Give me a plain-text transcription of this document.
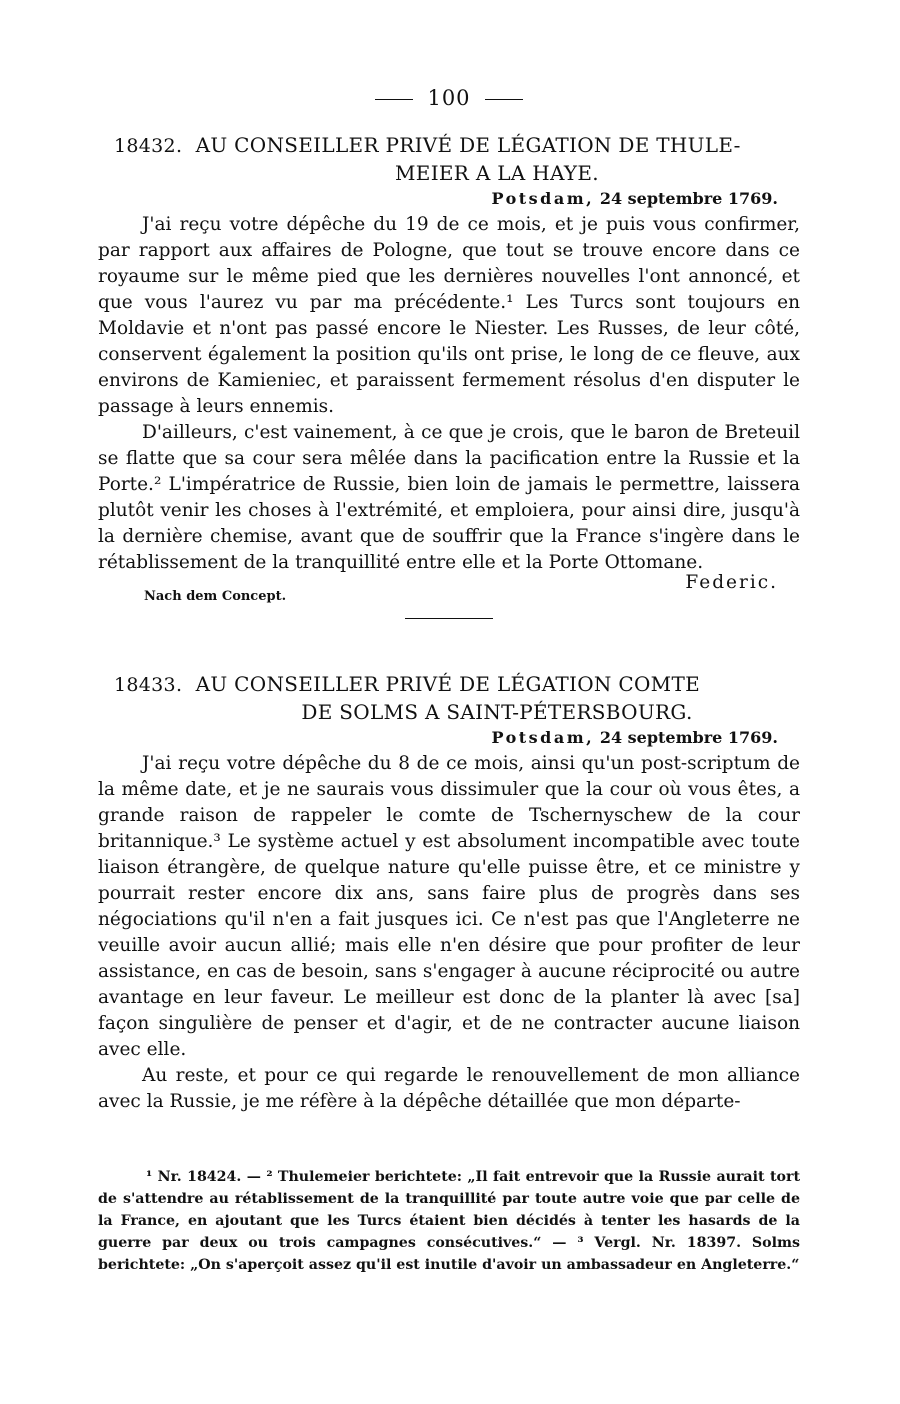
100

18432. AU CONSEILLER PRIVÉ DE LÉGATION DE THULE-

MEIER A LA HAYE.

Potsdam, 24 septembre 1769.

J'ai reçu votre dépêche du 19 de ce mois, et je puis vous confirmer, par rapport aux affaires de Pologne, que tout se trouve encore dans ce royaume sur le même pied que les dernières nouvelles l'ont annoncé, et que vous l'aurez vu par ma précédente.¹ Les Turcs sont toujours en Moldavie et n'ont pas passé encore le Niester. Les Russes, de leur côté, conservent également la position qu'ils ont prise, le long de ce fleuve, aux environs de Kamieniec, et paraissent fermement résolus d'en disputer le passage à leurs ennemis.

D'ailleurs, c'est vainement, à ce que je crois, que le baron de Breteuil se flatte que sa cour sera mêlée dans la pacification entre la Russie et la Porte.² L'impératrice de Russie, bien loin de jamais le permettre, laissera plutôt venir les choses à l'extrémité, et emploiera, pour ainsi dire, jusqu'à la dernière chemise, avant que de souffrir que la France s'ingère dans le rétablissement de la tranquillité entre elle et la Porte Ottomane.

Federic.
Nach dem Concept.

18433. AU CONSEILLER PRIVÉ DE LÉGATION COMTE

DE SOLMS A SAINT-PÉTERSBOURG.

Potsdam, 24 septembre 1769.

J'ai reçu votre dépêche du 8 de ce mois, ainsi qu'un post-scriptum de la même date, et je ne saurais vous dissimuler que la cour où vous êtes, a grande raison de rappeler le comte de Tschernyschew de la cour britannique.³ Le système actuel y est absolument incompatible avec toute liaison étrangère, de quelque nature qu'elle puisse être, et ce ministre y pourrait rester encore dix ans, sans faire plus de progrès dans ses négociations qu'il n'en a fait jusques ici. Ce n'est pas que l'Angleterre ne veuille avoir aucun allié; mais elle n'en désire que pour profiter de leur assistance, en cas de besoin, sans s'engager à aucune réciprocité ou autre avantage en leur faveur. Le meilleur est donc de la planter là avec [sa] façon singulière de penser et d'agir, et de ne contracter aucune liaison avec elle.

Au reste, et pour ce qui regarde le renouvellement de mon alliance avec la Russie, je me réfère à la dépêche détaillée que mon départe-

¹ Nr. 18424. — ² Thulemeier berichtete: „Il fait entrevoir que la Russie aurait tort de s'attendre au rétablissement de la tranquillité par toute autre voie que par celle de la France, en ajoutant que les Turcs étaient bien décidés à tenter les hasards de la guerre par deux ou trois campagnes consécutives.“ — ³ Vergl. Nr. 18397. Solms berichtete: „On s'aperçoit assez qu'il est inutile d'avoir un ambassadeur en Angleterre.“
